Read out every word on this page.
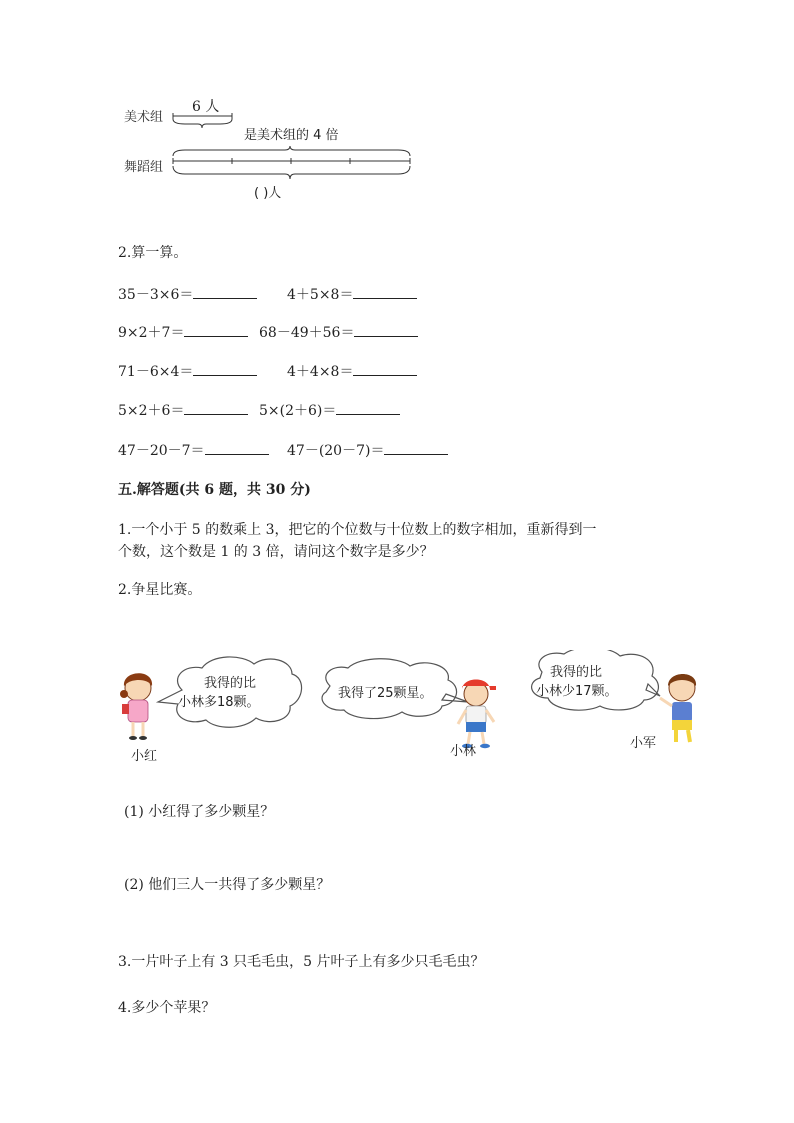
美术组
6 人
是美术组的 4 倍
舞蹈组
( )人
2.算一算。
35－3×6＝	4＋5×8＝
9×2＋7＝	68－49＋56＝
71－6×4＝	4＋4×8＝
5×2＋6＝	5×(2＋6)＝
47－20－7＝	47－(20－7)＝
五.解答题(共 6 题，共 30 分)
1.一个小于 5 的数乘上 3，把它的个位数与十位数上的数字相加，重新得到一
个数，这个数是 1 的 3 倍，请问这个数字是多少？
2.争星比赛。
我得的比
小林多18颗。
我得了25颗星。
我得的比
小林少17颗。
小红	小林
小军
(1) 小红得了多少颗星？
(2) 他们三人一共得了多少颗星？
3.一片叶子上有 3 只毛毛虫，5 片叶子上有多少只毛毛虫？
4.多少个苹果？
